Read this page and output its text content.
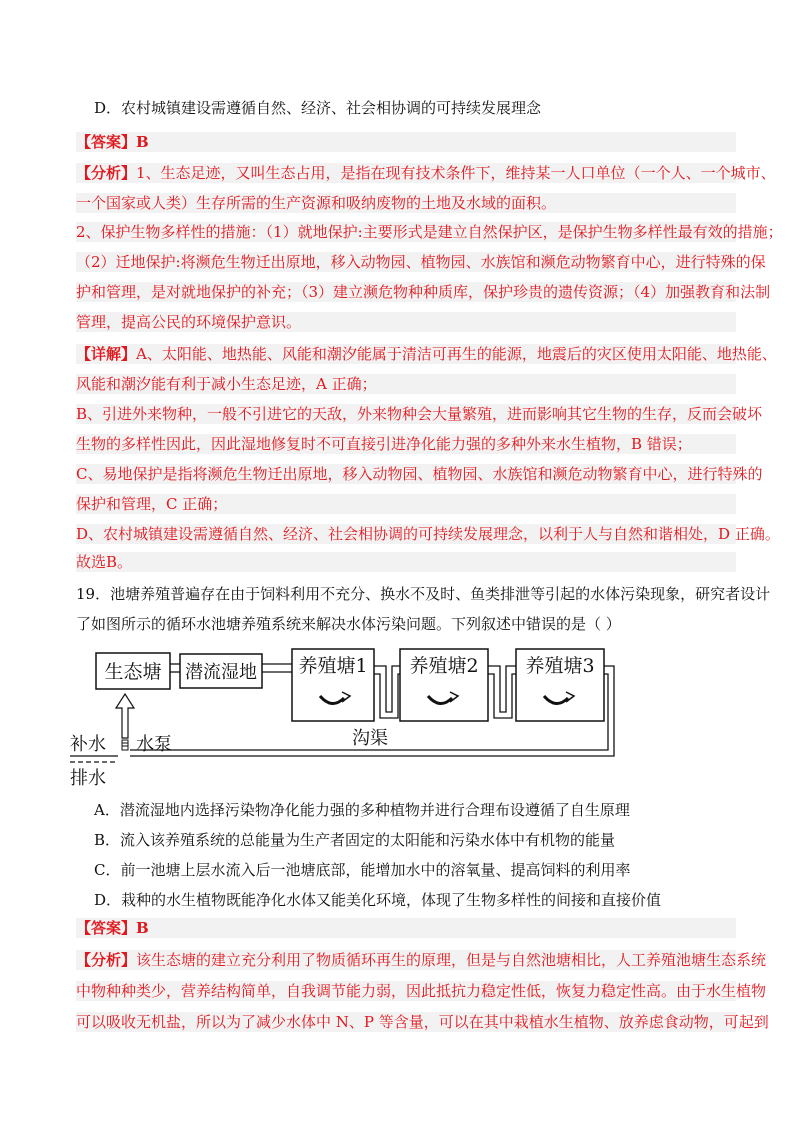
D．农村城镇建设需遵循自然、经济、社会相协调的可持续发展理念
【答案】B
【分析】1、生态足迹，又叫生态占用，是指在现有技术条件下，维持某一人口单位（一个人、一个城市、
一个国家或人类）生存所需的生产资源和吸纳废物的土地及水域的面积。
2、保护生物多样性的措施：（1）就地保护:主要形式是建立自然保护区，是保护生物多样性最有效的措施；
（2）迁地保护:将濒危生物迁出原地，移入动物园、植物园、水族馆和濒危动物繁育中心，进行特殊的保
护和管理，是对就地保护的补充；（3）建立濒危物种种质库，保护珍贵的遗传资源；（4）加强教育和法制
管理，提高公民的环境保护意识。
【详解】A、太阳能、地热能、风能和潮汐能属于清洁可再生的能源，地震后的灾区使用太阳能、地热能、
风能和潮汐能有利于减小生态足迹，A 正确；
B、引进外来物种，一般不引进它的天敌，外来物种会大量繁殖，进而影响其它生物的生存，反而会破坏
生物的多样性因此，因此湿地修复时不可直接引进净化能力强的多种外来水生植物，B 错误；
C、易地保护是指将濒危生物迁出原地，移入动物园、植物园、水族馆和濒危动物繁育中心，进行特殊的
保护和管理，C 正确；
D、农村城镇建设需遵循自然、经济、社会相协调的可持续发展理念，以利于人与自然和谐相处，D 正确。
故选B。
19．池塘养殖普遍存在由于饲料利用不充分、换水不及时、鱼类排泄等引起的水体污染现象，研究者设计
了如图所示的循环水池塘养殖系统来解决水体污染问题。下列叙述中错误的是（ ）
生态塘 潜流湿地 养殖塘1 养殖塘2 养殖塘3
沟渠
水泵
补水
排水
A．潜流湿地内选择污染物净化能力强的多种植物并进行合理布设遵循了自生原理
B．流入该养殖系统的总能量为生产者固定的太阳能和污染水体中有机物的能量
C．前一池塘上层水流入后一池塘底部，能增加水中的溶氧量、提高饲料的利用率
D．栽种的水生植物既能净化水体又能美化环境，体现了生物多样性的间接和直接价值
【答案】B
【分析】该生态塘的建立充分利用了物质循环再生的原理，但是与自然池塘相比，人工养殖池塘生态系统
中物种种类少，营养结构简单，自我调节能力弱，因此抵抗力稳定性低，恢复力稳定性高。由于水生植物
可以吸收无机盐，所以为了减少水体中 N、P 等含量，可以在其中栽植水生植物、放养虑食动物，可起到
